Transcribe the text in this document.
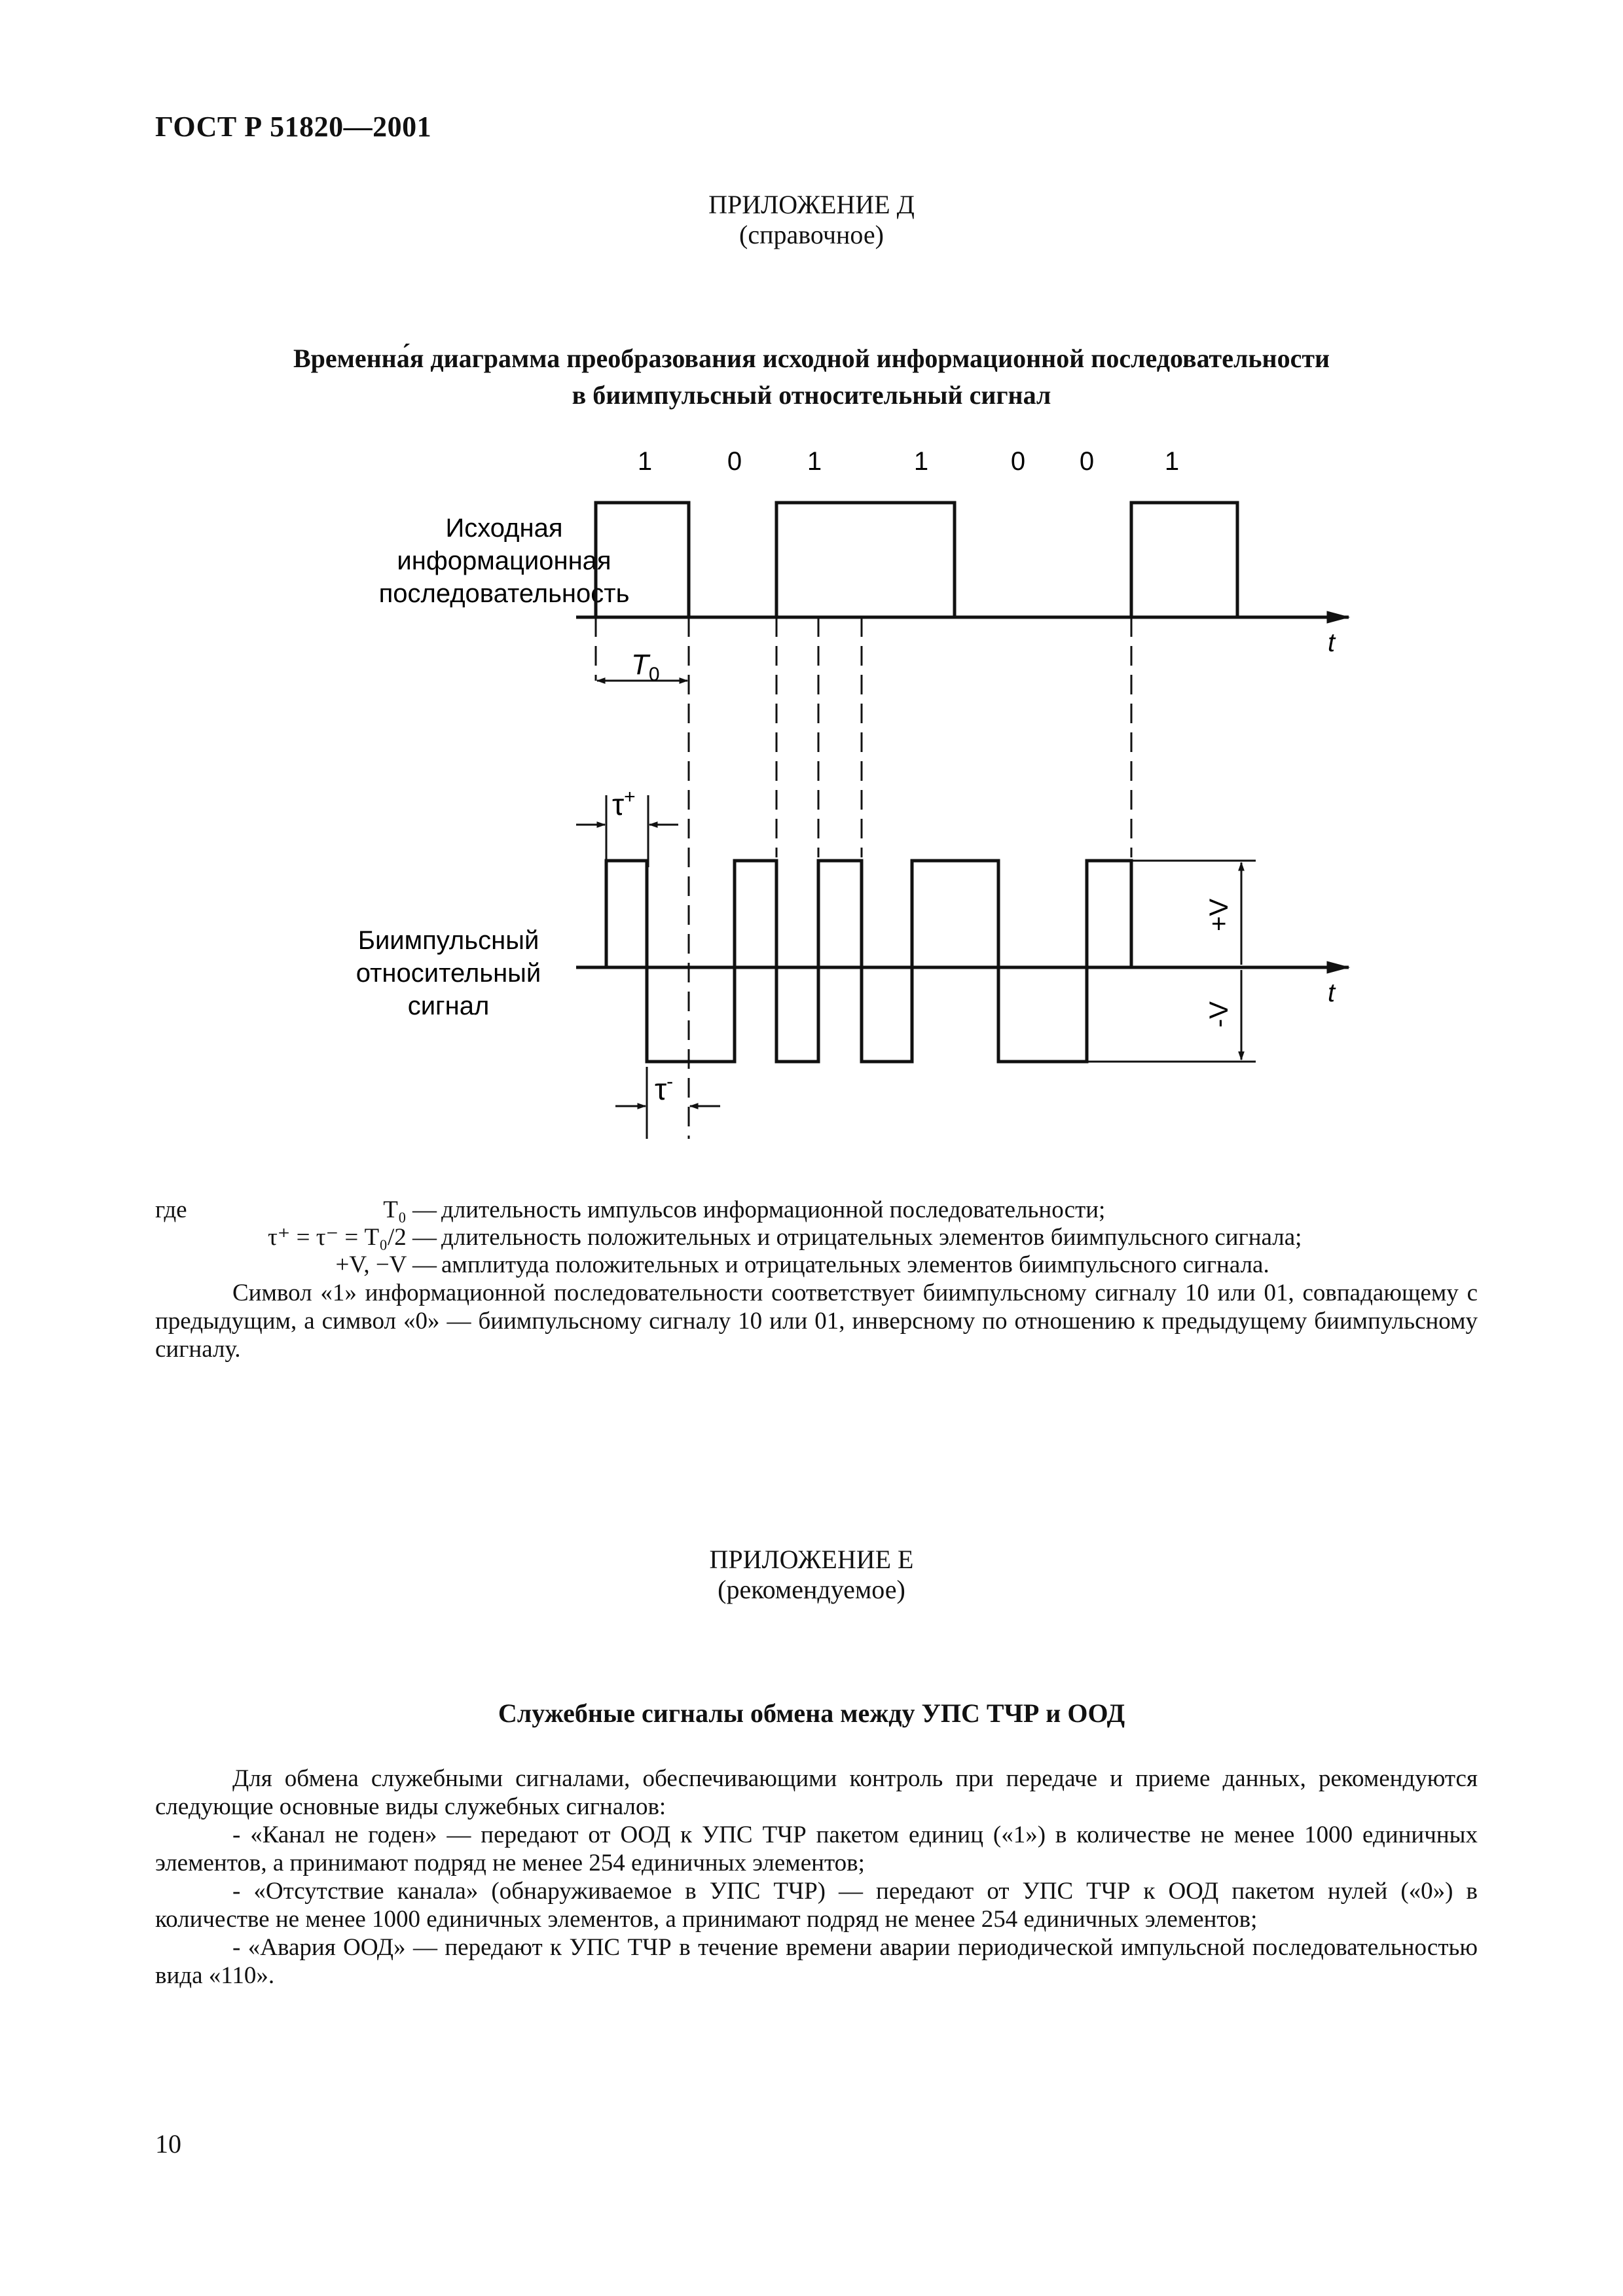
ГОСТ Р 51820—2001
ПРИЛОЖЕНИЕ Д
(справочное)
Временна́я диаграмма преобразования исходной информационной последовательности
в биимпульсный относительный сигнал
1	0 1	1	0 0	1
Исходная
информационная
последовательность
t
$T_0$
τ+
Биимпульсный
относительный
сигнал	t
+V
-V
τ-
где	T₀ — длительность импульсов информационной последовательности;
τ⁺ = τ⁻ = T₀/2 — длительность положительных и отрицательных элементов биимпульсного сигнала;
+V, −V — амплитуда положительных и отрицательных элементов биимпульсного сигнала.

Символ «1» информационной последовательности соответствует биимпульсному сигналу 10 или 01, совпадающему с предыдущим, а символ «0» — биимпульсному сигналу 10 или 01, инверсному по отношению к предыдущему биимпульсному сигналу.

ПРИЛОЖЕНИЕ Е
(рекомендуемое)
Служебные сигналы обмена между УПС ТЧР и ООД

Для обмена служебными сигналами, обеспечивающими контроль при передаче и приеме данных, рекомендуются следующие основные виды служебных сигналов:

- «Канал не годен» — передают от ООД к УПС ТЧР пакетом единиц («1») в количестве не менее 1000 единичных элементов, а принимают подряд не менее 254 единичных элементов;

- «Отсутствие канала» (обнаруживаемое в УПС ТЧР) — передают от УПС ТЧР к ООД пакетом нулей («0») в количестве не менее 1000 единичных элементов, а принимают подряд не менее 254 единичных элементов;

- «Авария ООД» — передают к УПС ТЧР в течение времени аварии периодической импульсной последовательностью вида «110».

10
